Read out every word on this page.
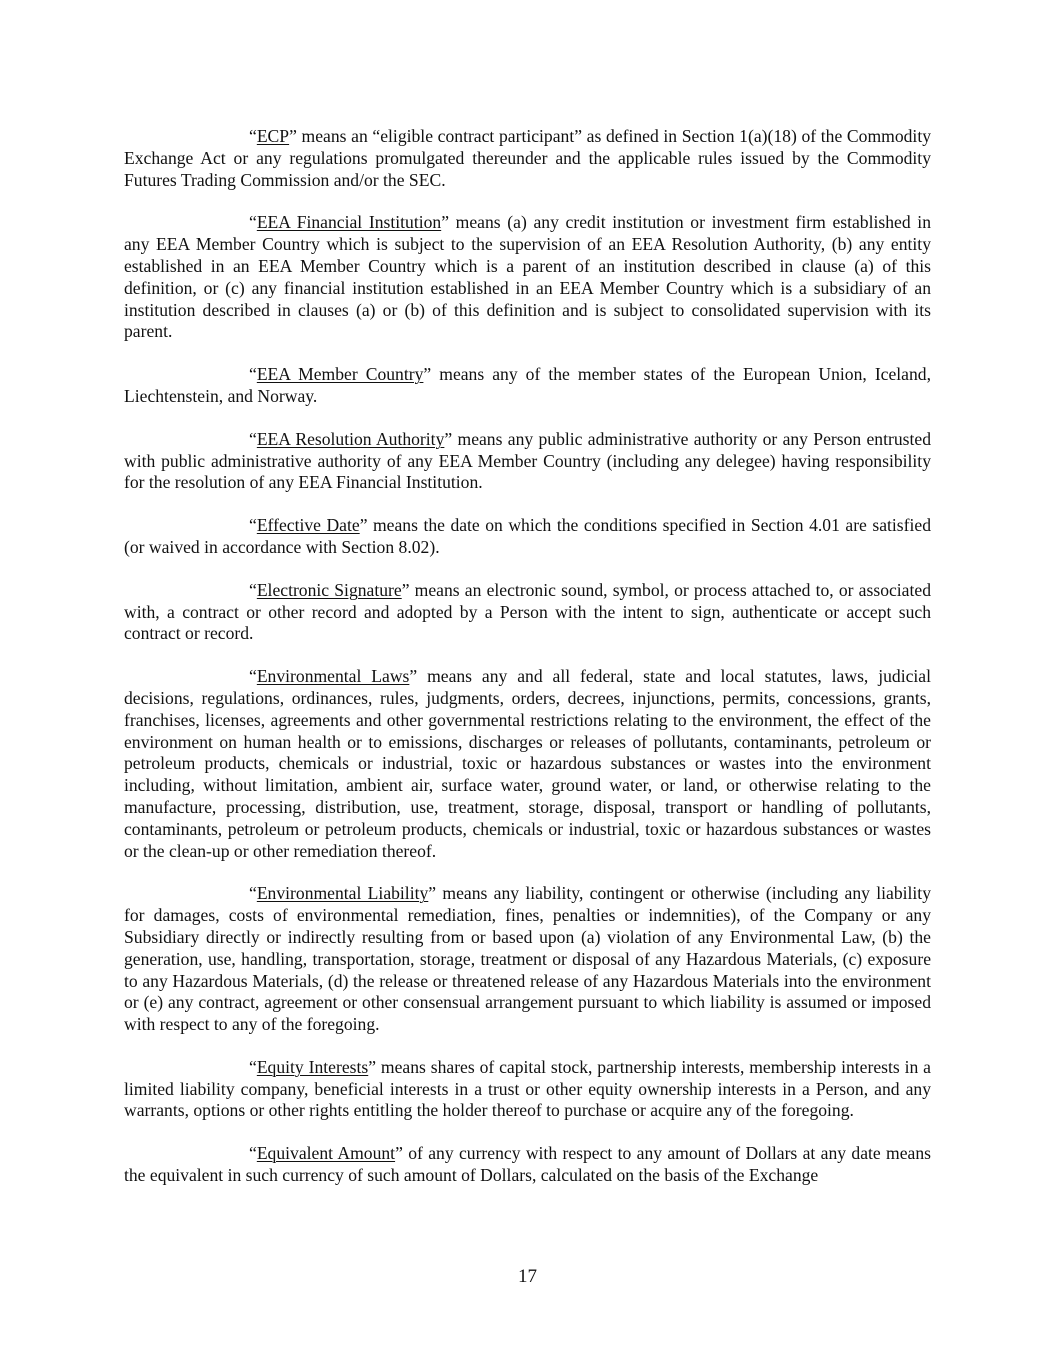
“ECP” means an “eligible contract participant” as defined in Section 1(a)(18) of the Commodity Exchange Act or any regulations promulgated thereunder and the applicable rules issued by the Commodity Futures Trading Commission and/or the SEC.

“EEA Financial Institution” means (a) any credit institution or investment firm established in any EEA Member Country which is subject to the supervision of an EEA Resolution Authority, (b) any entity established in an EEA Member Country which is a parent of an institution described in clause (a) of this definition, or (c) any financial institution established in an EEA Member Country which is a subsidiary of an institution described in clauses (a) or (b) of this definition and is subject to consolidated supervision with its parent.

“EEA Member Country” means any of the member states of the European Union, Iceland, Liechtenstein, and Norway.

“EEA Resolution Authority” means any public administrative authority or any Person entrusted with public administrative authority of any EEA Member Country (including any delegee) having responsibility for the resolution of any EEA Financial Institution.

“Effective Date” means the date on which the conditions specified in Section 4.01 are satisfied (or waived in accordance with Section 8.02).

“Electronic Signature” means an electronic sound, symbol, or process attached to, or associated with, a contract or other record and adopted by a Person with the intent to sign, authenticate or accept such contract or record.

“Environmental Laws” means any and all federal, state and local statutes, laws, judicial decisions, regulations, ordinances, rules, judgments, orders, decrees, injunctions, permits, concessions, grants, franchises, licenses, agreements and other governmental restrictions relating to the environment, the effect of the environment on human health or to emissions, discharges or releases of pollutants, contaminants, petroleum or petroleum products, chemicals or industrial, toxic or hazardous substances or wastes into the environment including, without limitation, ambient air, surface water, ground water, or land, or otherwise relating to the manufacture, processing, distribution, use, treatment, storage, disposal, transport or handling of pollutants, contaminants, petroleum or petroleum products, chemicals or industrial, toxic or hazardous substances or wastes or the clean-up or other remediation thereof.

“Environmental Liability” means any liability, contingent or otherwise (including any liability for damages, costs of environmental remediation, fines, penalties or indemnities), of the Company or any Subsidiary directly or indirectly resulting from or based upon (a) violation of any Environmental Law, (b) the generation, use, handling, transportation, storage, treatment or disposal of any Hazardous Materials, (c) exposure to any Hazardous Materials, (d) the release or threatened release of any Hazardous Materials into the environment or (e) any contract, agreement or other consensual arrangement pursuant to which liability is assumed or imposed with respect to any of the foregoing.

“Equity Interests” means shares of capital stock, partnership interests, membership interests in a limited liability company, beneficial interests in a trust or other equity ownership interests in a Person, and any warrants, options or other rights entitling the holder thereof to purchase or acquire any of the foregoing.

“Equivalent Amount” of any currency with respect to any amount of Dollars at any date means the equivalent in such currency of such amount of Dollars, calculated on the basis of the Exchange

17
